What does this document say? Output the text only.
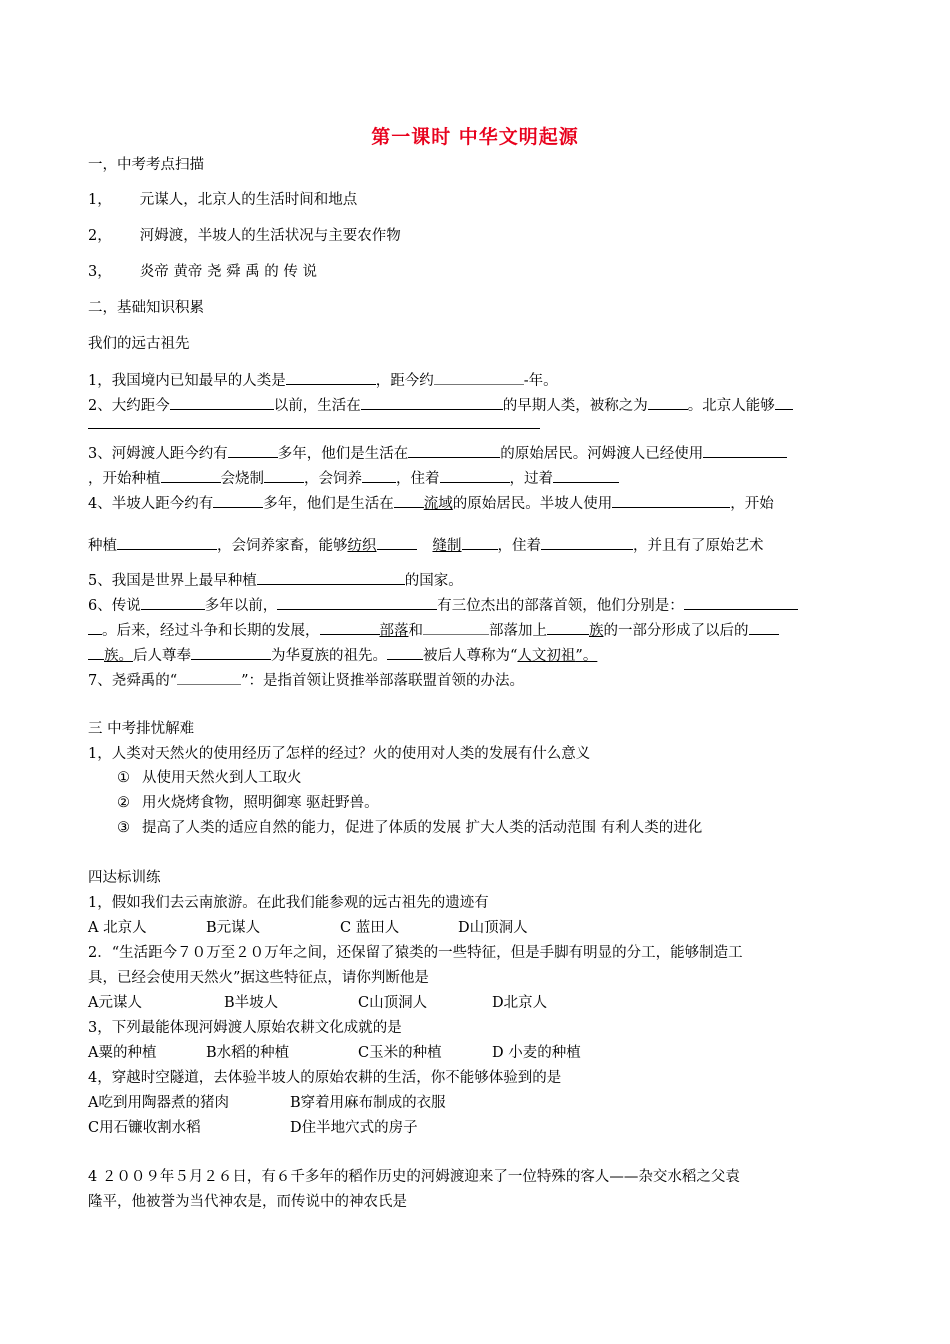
第一课时 中华文明起源
一，中考考点扫描
1， 元谋人，北京人的生活时间和地点
2， 河姆渡，半坡人的生活状况与主要农作物
3， 炎帝 黄帝 尧 舜 禹 的 传 说
二，基础知识积累
我们的远古祖先
1，我国境内已知最早的人类是	，距今约	-年。
2、大约距今	以前，生活在	的早期人类，被称之为	。北京人能够
3、河姆渡人距今约有	多年，他们是生活在	的原始居民。河姆渡人已经使用
，开始种植	会烧制	，会饲养 ，住着	，过着
4、半坡人距今约有	多年，他们是生活在 流域的原始居民。半坡人使用	，开始
种植	，会饲养家畜，能够纺织	缝制 ，住着	，并且有了原始艺术
5、我国是世界上最早种植	的国家。
6、传说	多年以前，	有三位杰出的部落首领，他们分别是：
。后来，经过斗争和长期的发展，	部落和	部落加上	族的一部分形成了以后的
族。后人尊奉	为华夏族的祖先。 被后人尊称为“人文初祖”。
7、尧舜禹的“	”：是指首领让贤推举部落联盟首领的办法。
三 中考排忧解难
1，人类对天然火的使用经历了怎样的经过？火的使用对人类的发展有什么意义
① 从使用天然火到人工取火
② 用火烧烤食物，照明御寒 驱赶野兽。
③ 提高了人类的适应自然的能力，促进了体质的发展 扩大人类的活动范围 有利人类的进化
四达标训练
1，假如我们去云南旅游。在此我们能参观的远古祖先的遗迹有
A 北京人	B元谋人	C 蓝田人	D山顶洞人
2．“生活距今７０万至２０万年之间，还保留了猿类的一些特征，但是手脚有明显的分工，能够制造工
具，已经会使用天然火”据这些特征点，请你判断他是
A元谋人	B半坡人	C山顶洞人	D北京人
3，下列最能体现河姆渡人原始农耕文化成就的是
A粟的种植	B水稻的种植	C玉米的种植	D 小麦的种植
4，穿越时空隧道，去体验半坡人的原始农耕的生活，你不能够体验到的是
A吃到用陶器煮的猪肉	B穿着用麻布制成的衣服
C用石镰收割水稻	D住半地穴式的房子
4 ２００９年５月２６日，有６千多年的稻作历史的河姆渡迎来了一位特殊的客人——杂交水稻之父袁
隆平，他被誉为当代神农是，而传说中的神农氏是
